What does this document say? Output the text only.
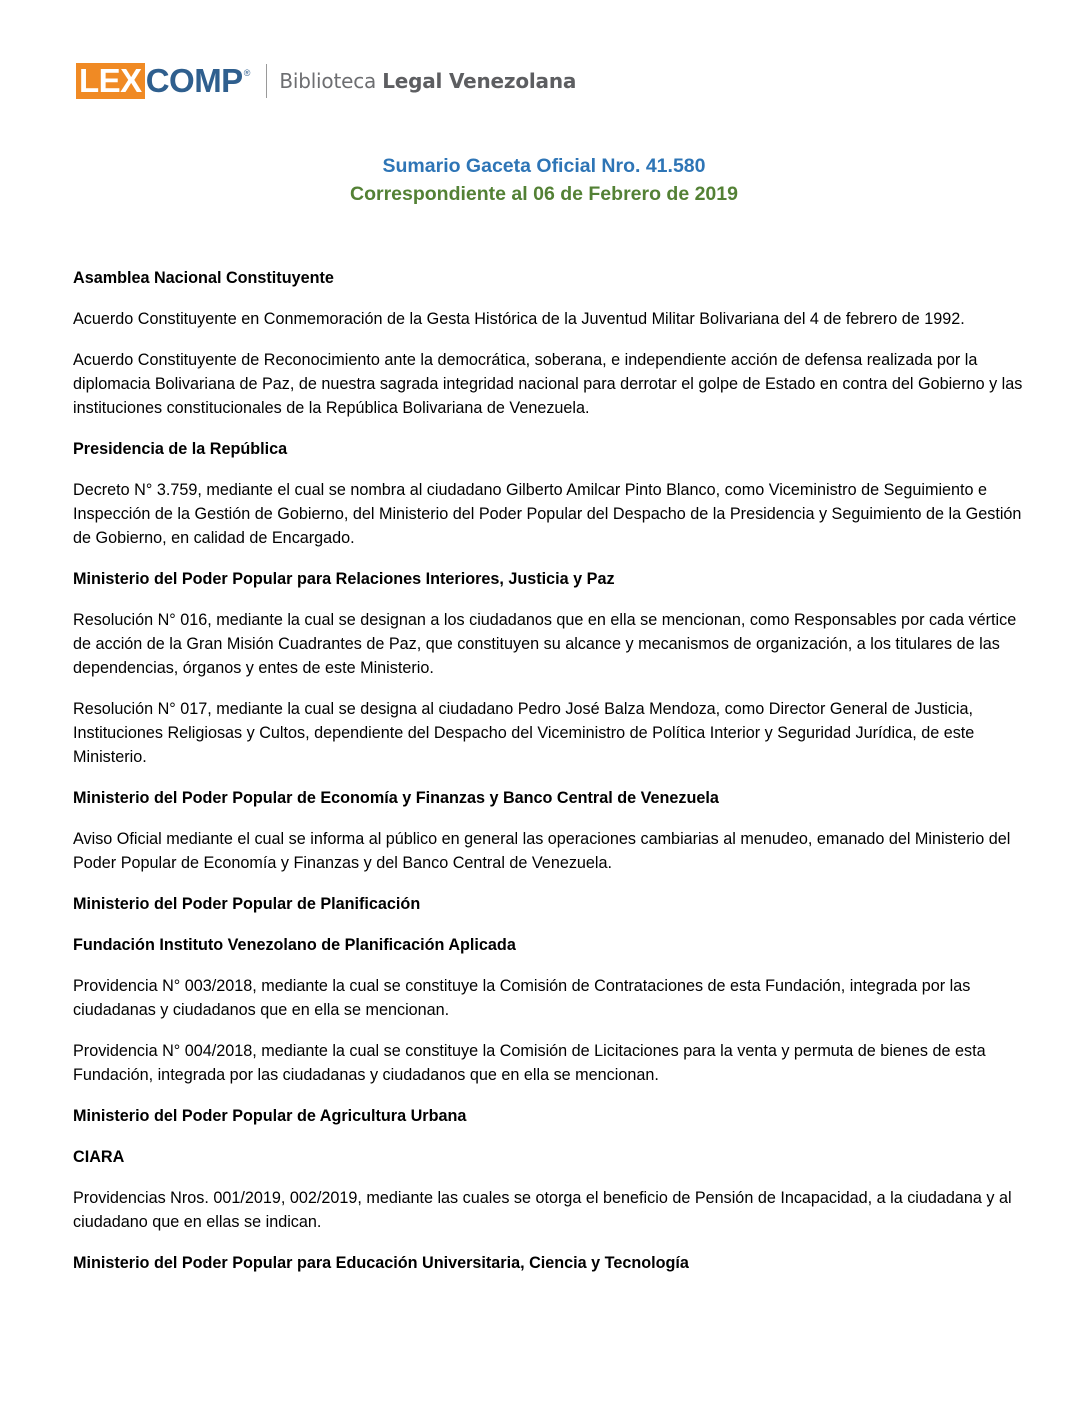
LEX COMP ® Biblioteca Legal Venezolana
Sumario Gaceta Oficial Nro. 41.580
Correspondiente al 06 de Febrero de 2019
Asamblea Nacional Constituyente
Acuerdo Constituyente en Conmemoración de la Gesta Histórica de la Juventud Militar Bolivariana del 4 de febrero de 1992.
Acuerdo Constituyente de Reconocimiento ante la democrática, soberana, e independiente acción de defensa realizada por la diplomacia Bolivariana de Paz, de nuestra sagrada integridad nacional para derrotar el golpe de Estado en contra del Gobierno y las instituciones constitucionales de la República Bolivariana de Venezuela.
Presidencia de la República
Decreto N° 3.759, mediante el cual se nombra al ciudadano Gilberto Amilcar Pinto Blanco, como Viceministro de Seguimiento e Inspección de la Gestión de Gobierno, del Ministerio del Poder Popular del Despacho de la Presidencia y Seguimiento de la Gestión de Gobierno, en calidad de Encargado.
Ministerio del Poder Popular para Relaciones Interiores, Justicia y Paz
Resolución N° 016, mediante la cual se designan a los ciudadanos que en ella se mencionan, como Responsables por cada vértice de acción de la Gran Misión Cuadrantes de Paz, que constituyen su alcance y mecanismos de organización, a los titulares de las dependencias, órganos y entes de este Ministerio.
Resolución N° 017, mediante la cual se designa al ciudadano Pedro José Balza Mendoza, como Director General de Justicia, Instituciones Religiosas y Cultos, dependiente del Despacho del Viceministro de Política Interior y Seguridad Jurídica, de este Ministerio.
Ministerio del Poder Popular de Economía y Finanzas y Banco Central de Venezuela
Aviso Oficial mediante el cual se informa al público en general las operaciones cambiarias al menudeo, emanado del Ministerio del Poder Popular de Economía y Finanzas y del Banco Central de Venezuela.
Ministerio del Poder Popular de Planificación
Fundación Instituto Venezolano de Planificación Aplicada
Providencia N° 003/2018, mediante la cual se constituye la Comisión de Contrataciones de esta Fundación, integrada por las ciudadanas y ciudadanos que en ella se mencionan.
Providencia N° 004/2018, mediante la cual se constituye la Comisión de Licitaciones para la venta y permuta de bienes de esta Fundación, integrada por las ciudadanas y ciudadanos que en ella se mencionan.
Ministerio del Poder Popular de Agricultura Urbana
CIARA
Providencias Nros. 001/2019, 002/2019, mediante las cuales se otorga el beneficio de Pensión de Incapacidad, a la ciudadana y al ciudadano que en ellas se indican.
Ministerio del Poder Popular para Educación Universitaria, Ciencia y Tecnología
